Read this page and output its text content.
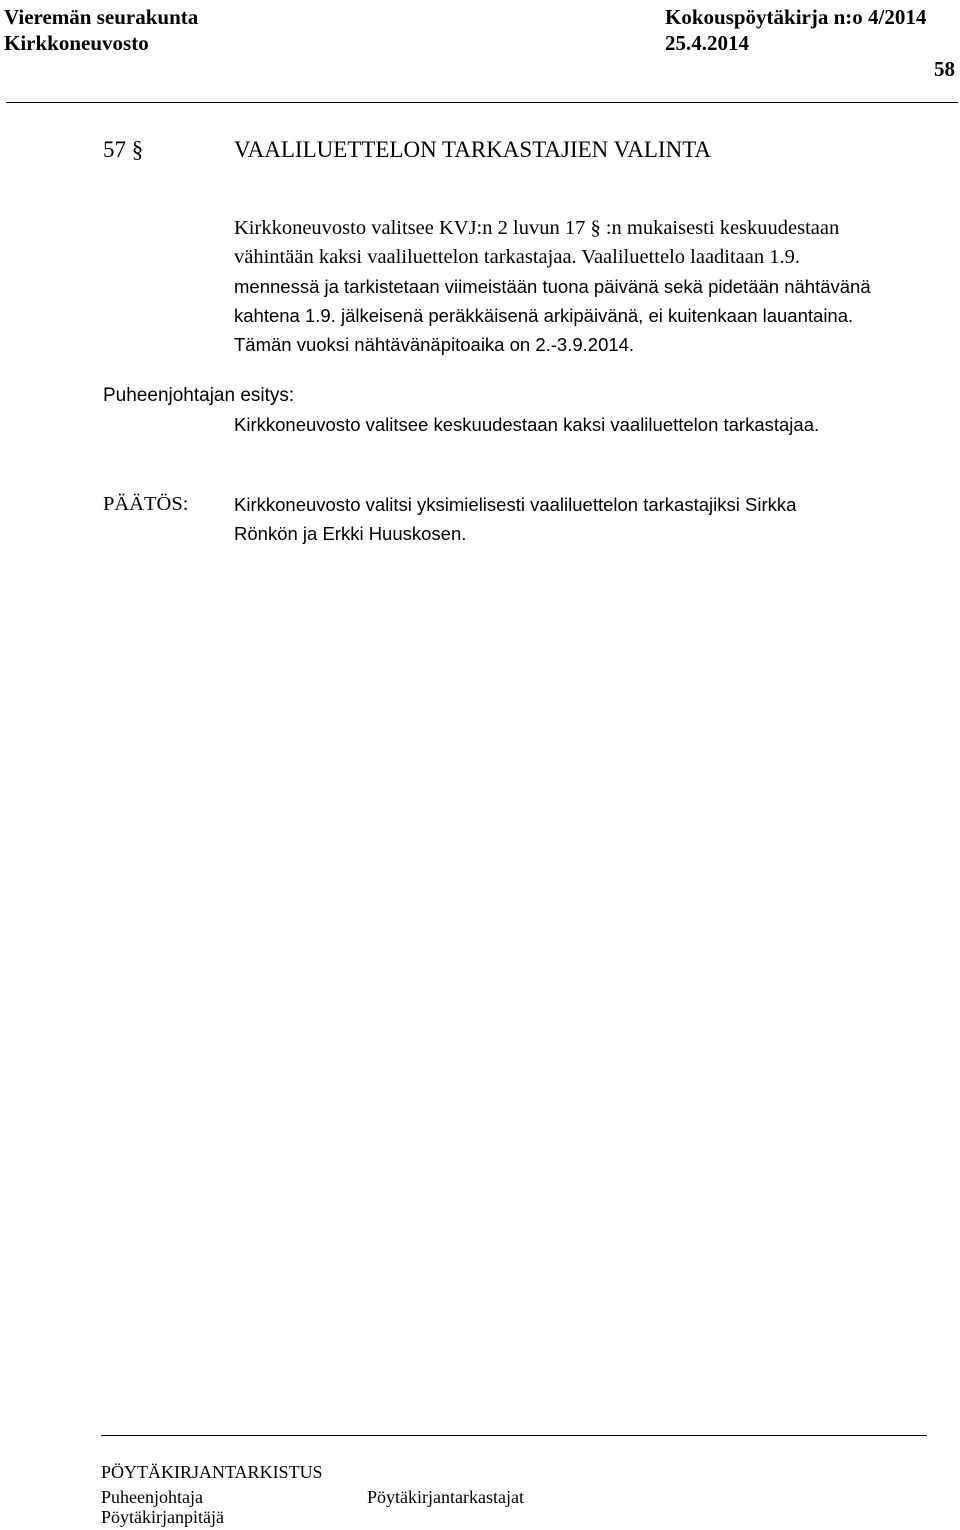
Vieremän seurakunta	Kokouspöytäkirja n:o 4/2014
Kirkkoneuvosto	25.4.2014
58
57 §	VAALILUETTELON TARKASTAJIEN VALINTA
Kirkkoneuvosto valitsee KVJ:n 2 luvun 17 § :n mukaisesti keskuudestaan
vähintään kaksi vaaliluettelon tarkastajaa. Vaaliluettelo laaditaan 1.9.
mennessä ja tarkistetaan viimeistään tuona päivänä sekä pidetään nähtävänä
kahtena 1.9. jälkeisenä peräkkäisenä arkipäivänä, ei kuitenkaan lauantaina.
Tämän vuoksi nähtävänäpitoaika on 2.-3.9.2014.
Puheenjohtajan esitys:
Kirkkoneuvosto valitsee keskuudestaan kaksi vaaliluettelon tarkastajaa.
PÄÄTÖS: Kirkkoneuvosto valitsi yksimielisesti vaaliluettelon tarkastajiksi Sirkka
Rönkön ja Erkki Huuskosen.
PÖYTÄKIRJANTARKISTUS
Puheenjohtaja	Pöytäkirjantarkastajat
Pöytäkirjanpitäjä
